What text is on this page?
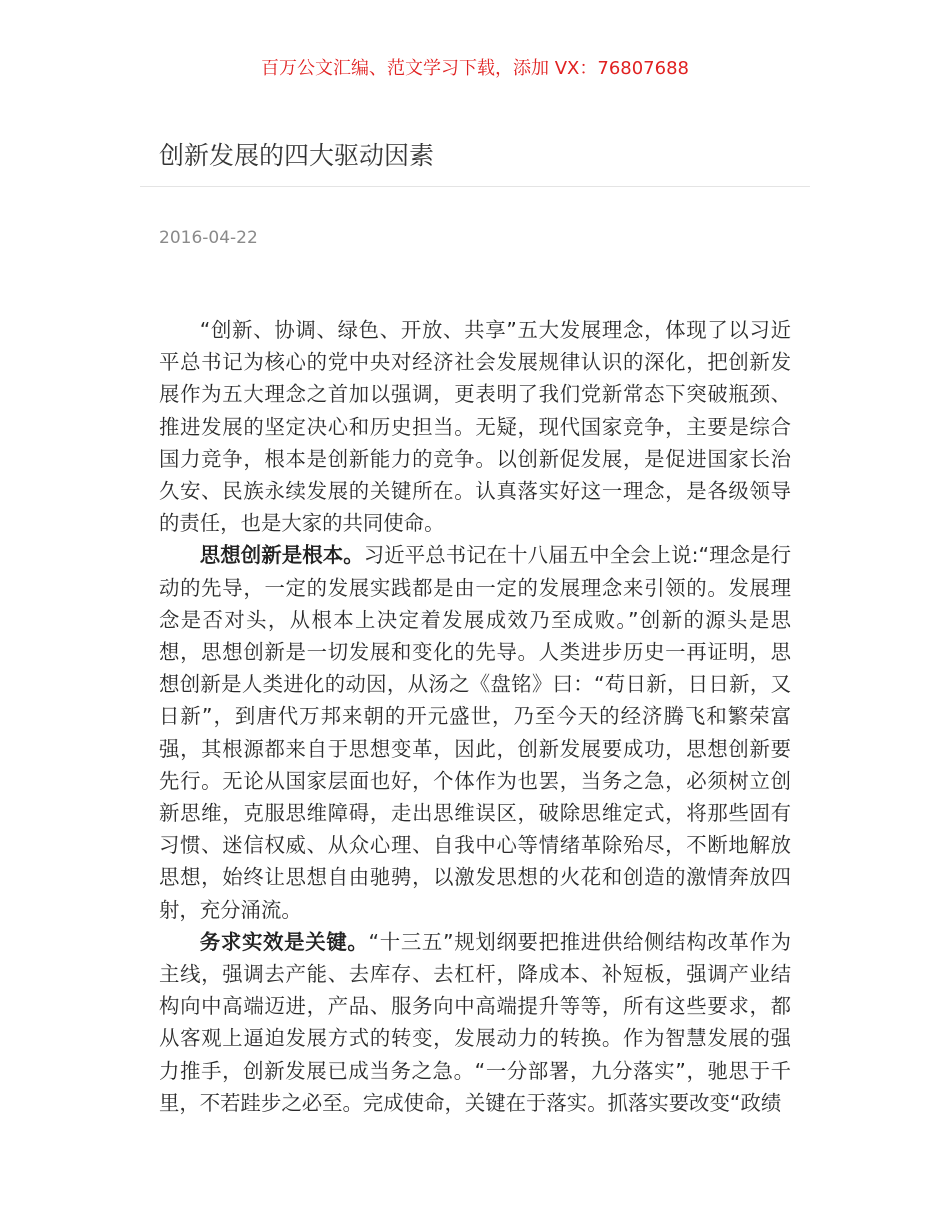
百万公文汇编、范文学习下载，添加 VX：76807688
创新发展的四大驱动因素
2016-04-22

“创新、协调、绿色、开放、共享”五大发展理念，体现了以习近平总书记为核心的党中央对经济社会发展规律认识的深化，把创新发展作为五大理念之首加以强调，更表明了我们党新常态下突破瓶颈、推进发展的坚定决心和历史担当。无疑，现代国家竞争，主要是综合国力竞争，根本是创新能力的竞争。以创新促发展，是促进国家长治久安、民族永续发展的关键所在。认真落实好这一理念，是各级领导的责任，也是大家的共同使命。

思想创新是根本。习近平总书记在十八届五中全会上说:“理念是行动的先导，一定的发展实践都是由一定的发展理念来引领的。发展理念是否对头，从根本上决定着发展成效乃至成败。”创新的源头是思想，思想创新是一切发展和变化的先导。人类进步历史一再证明，思想创新是人类进化的动因，从汤之《盘铭》曰：“苟日新，日日新，又日新”，到唐代万邦来朝的开元盛世，乃至今天的经济腾飞和繁荣富强，其根源都来自于思想变革，因此，创新发展要成功，思想创新要先行。无论从国家层面也好，个体作为也罢，当务之急，必须树立创新思维，克服思维障碍，走出思维误区，破除思维定式，将那些固有习惯、迷信权威、从众心理、自我中心等情绪革除殆尽，不断地解放思想，始终让思想自由驰骋，以激发思想的火花和创造的激情奔放四射，充分涌流。

务求实效是关键。“十三五”规划纲要把推进供给侧结构改革作为主线，强调去产能、去库存、去杠杆，降成本、补短板，强调产业结构向中高端迈进，产品、服务向中高端提升等等，所有这些要求，都从客观上逼迫发展方式的转变，发展动力的转换。作为智慧发展的强力推手，创新发展已成当务之急。“一分部署，九分落实”，驰思于千里，不若跬步之必至。完成使命，关键在于落实。抓落实要改变“政绩
